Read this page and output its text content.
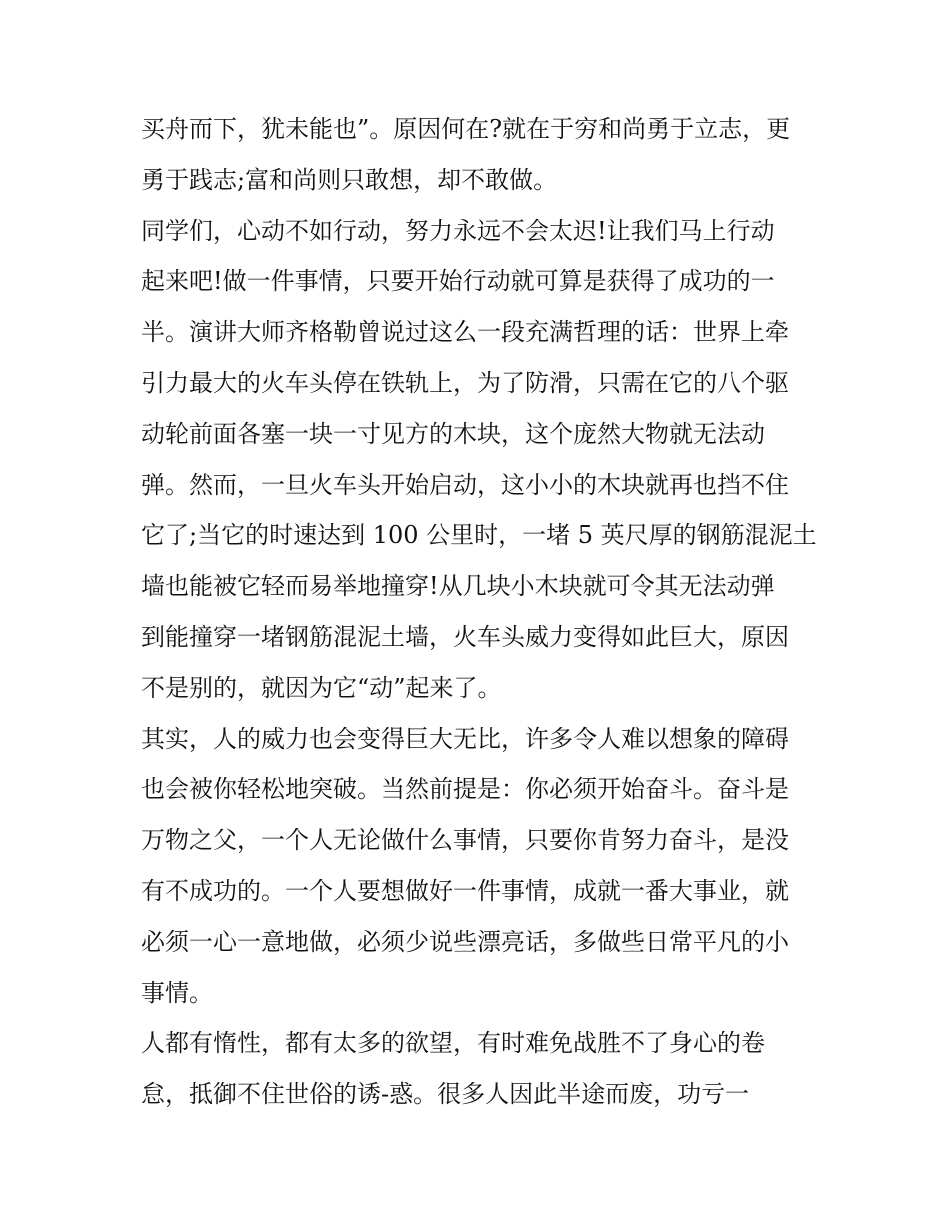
买舟而下，犹未能也”。原因何在?就在于穷和尚勇于立志，更
勇于践志;富和尚则只敢想，却不敢做。
同学们，心动不如行动，努力永远不会太迟!让我们马上行动
起来吧!做一件事情，只要开始行动就可算是获得了成功的一
半。演讲大师齐格勒曾说过这么一段充满哲理的话：世界上牵
引力最大的火车头停在铁轨上，为了防滑，只需在它的八个驱
动轮前面各塞一块一寸见方的木块，这个庞然大物就无法动
弹。然而，一旦火车头开始启动，这小小的木块就再也挡不住
它了;当它的时速达到 100 公里时，一堵 5 英尺厚的钢筋混泥土
墙也能被它轻而易举地撞穿!从几块小木块就可令其无法动弹
到能撞穿一堵钢筋混泥土墙，火车头威力变得如此巨大，原因
不是别的，就因为它“动”起来了。
其实，人的威力也会变得巨大无比，许多令人难以想象的障碍
也会被你轻松地突破。当然前提是：你必须开始奋斗。奋斗是
万物之父，一个人无论做什么事情，只要你肯努力奋斗，是没
有不成功的。一个人要想做好一件事情，成就一番大事业，就
必须一心一意地做，必须少说些漂亮话，多做些日常平凡的小
事情。
人都有惰性，都有太多的欲望，有时难免战胜不了身心的卷
怠，抵御不住世俗的诱-惑。很多人因此半途而废，功亏一
